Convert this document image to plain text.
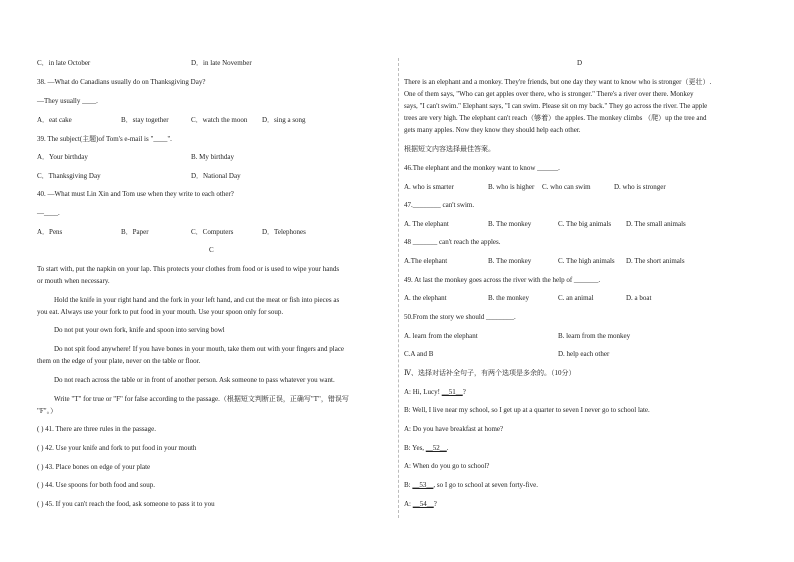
C．in late October	D．in late November
38. —What do Canadians usually do on Thanksgiving Day?
—They usually ____.
A．eat cake	B．stay together	C．watch the moon D．sing a song
39. The subject(主题)of Tom's e-mail is "____".
A．Your birthday	B. My birthday
C．Thanksgiving Day	D．National Day
40. —What must Lin Xin and Tom use when they write to each other?
—____.
A．Pens	B．Paper	C．Computers	D．Telephones
C
To start with, put the napkin on your lap. This protects your clothes from food or is used to wipe your hands
or mouth when necessary.
Hold the knife in your right hand and the fork in your left hand, and cut the meat or fish into pieces as
you eat. Always use your fork to put food in your mouth. Use your spoon only for soup.
Do not put your own fork, knife and spoon into serving bowl
Do not spit food anywhere! If you have bones in your mouth, take them out with your fingers and place
them on the edge of your plate, never on the table or floor.
Do not reach across the table or in front of another person. Ask someone to pass whatever you want.
Write "T" for true or "F" for false according to the passage.（根据短文判断正误，正确写"T"，错误写
"F"。）
( ) 41. There are three rules in the passage.
( ) 42. Use your knife and fork to put food in your mouth
( ) 43. Place bones on edge of your plate
( ) 44. Use spoons for both food and soup.
( ) 45. If you can't reach the food, ask someone to pass it to you
D
There is an elephant and a monkey. They're friends, but one day they want to know who is stronger（更壮）.
One of them says, "Who can get apples over there, who is stronger." There's a river over there. Monkey
says, "I can't swim." Elephant says, "I can swim. Please sit on my back." They go across the river. The apple
trees are very high. The elephant can't reach（够着）the apples. The monkey climbs （爬）up the tree and
gets many apples. Now they know they should help each other.
根据短文内容选择最佳答案。
46.The elephant and the monkey want to know ______.
A. who is smarter	B. who is higher C. who can swim	D. who is stronger
47.________ can't swim.
A. The elephant	B. The monkey	C. The big animals D. The small animals
48 _______ can't reach the apples.
A.The elephant	B. The monkey	C. The high animals D. The short animals
49. At last the monkey goes across the river with the help of _______.
A. the elephant	B. the monkey	C. an animal	D. a boat
50.From the story we should ________.
A. learn from the elephant	B. learn from the monkey
C.A and B	D. help each other
Ⅳ、选择对话补全句子，有两个选项是多余的。（10分）
A: Hi, Lucy! __51__?
B: Well, I live near my school, so I get up at a quarter to seven I never go to school late.
A: Do you have breakfast at home?
B: Yes, __52__.
A: When do you go to school?
B: __53__, so I go to school at seven forty-five.
A: __54__?
